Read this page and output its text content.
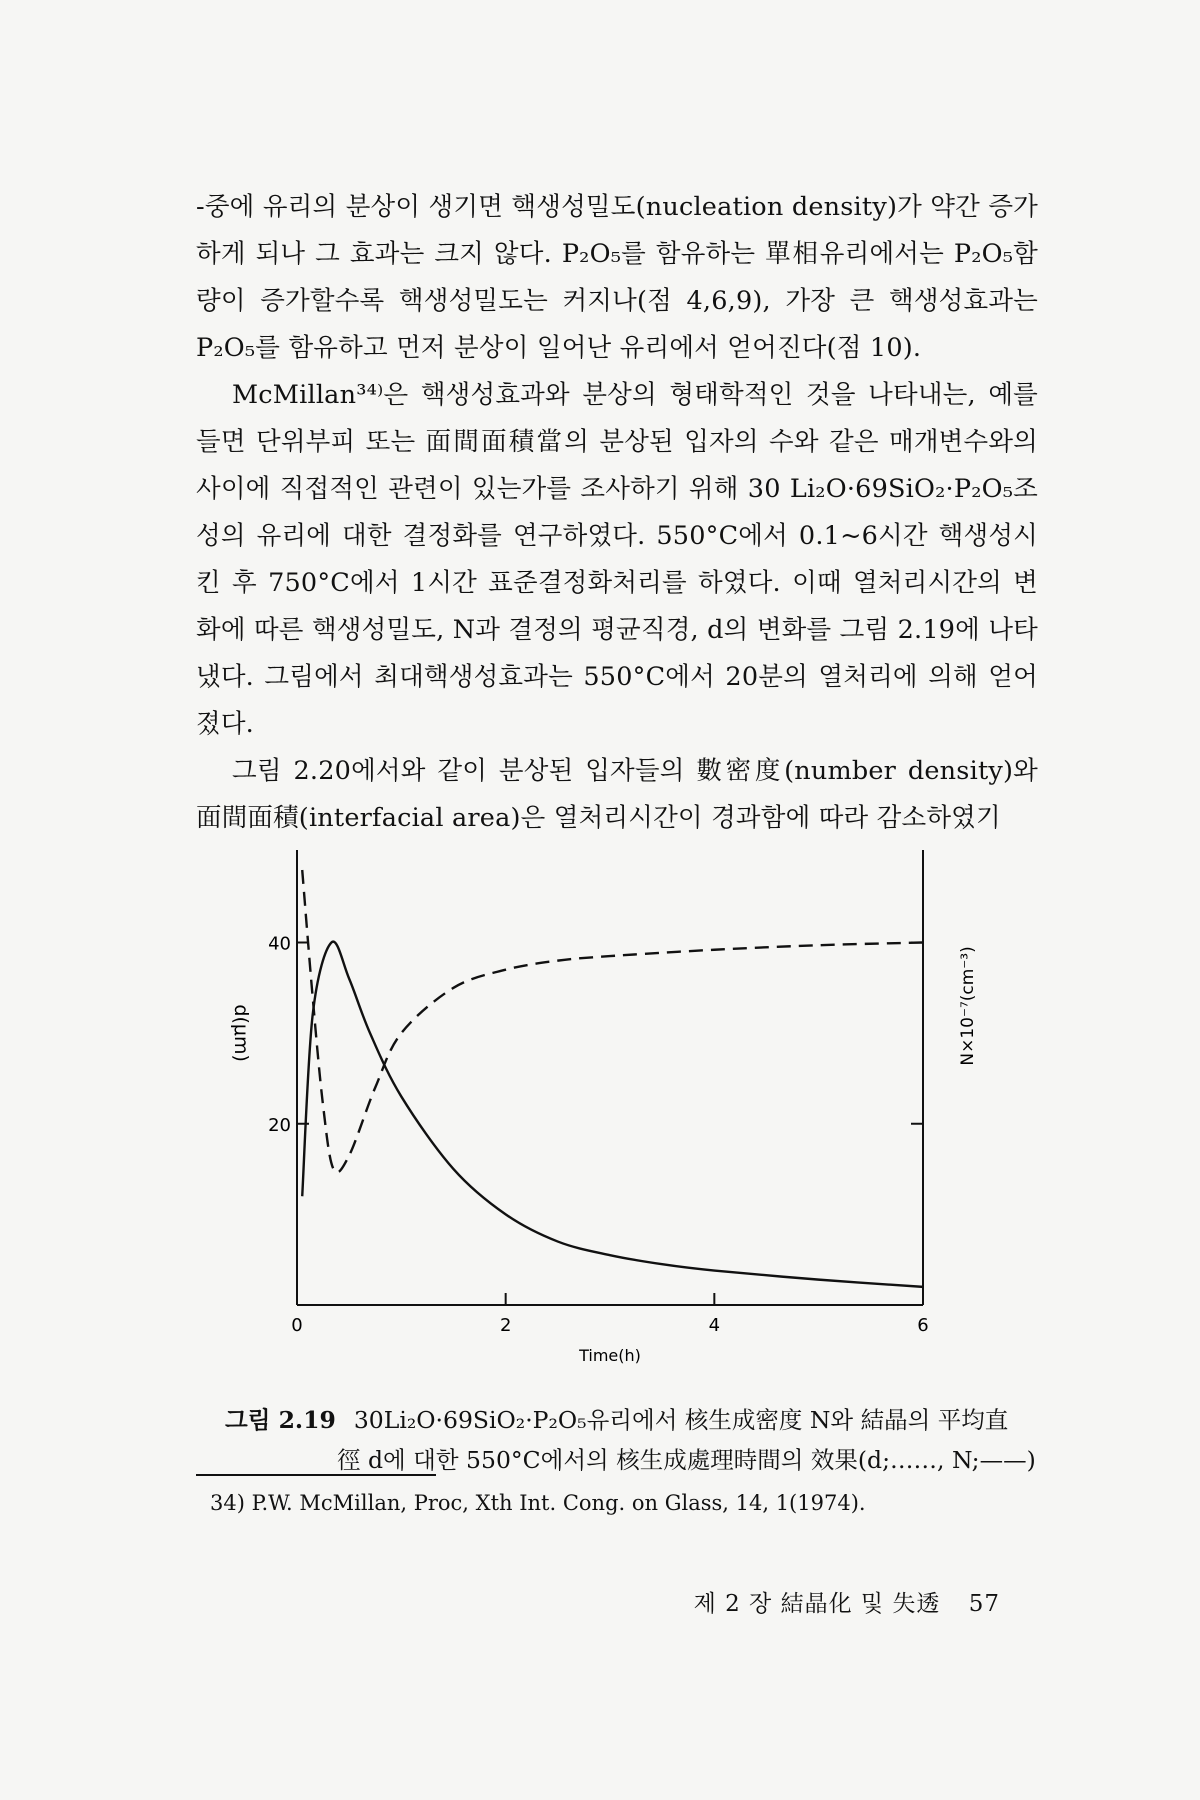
-중에 유리의 분상이 생기면 핵생성밀도(nucleation density)가 약간 증가하게 되나 그 효과는 크지 않다. P₂O₅를 함유하는 單相유리에서는 P₂O₅함량이 증가할수록 핵생성밀도는 커지나(점 4,6,9), 가장 큰 핵생성효과는 P₂O₅를 함유하고 먼저 분상이 일어난 유리에서 얻어진다(점 10).

McMillan³⁴⁾은 핵생성효과와 분상의 형태학적인 것을 나타내는, 예를 들면 단위부피 또는 面間面積當의 분상된 입자의 수와 같은 매개변수와의 사이에 직접적인 관련이 있는가를 조사하기 위해 30 Li₂O·69SiO₂·P₂O₅조성의 유리에 대한 결정화를 연구하였다. 550°C에서 0.1~6시간 핵생성시킨 후 750°C에서 1시간 표준결정화처리를 하였다. 이때 열처리시간의 변화에 따른 핵생성밀도, N과 결정의 평균직경, d의 변화를 그림 2.19에 나타냈다. 그림에서 최대핵생성효과는 550°C에서 20분의 열처리에 의해 얻어졌다.

그림 2.20에서와 같이 분상된 입자들의 數密度(number density)와 面間面積(interfacial area)은 열처리시간이 경과함에 따라 감소하였기

20
40
0	2	4	6
Time(h)
d(μm)	N×10⁻⁷(cm⁻³)
그림 2.19 30Li₂O·69SiO₂·P₂O₅유리에서 核生成密度 N와 結晶의 平均直
徑 d에 대한 550°C에서의 核生成處理時間의 效果(d;……, N;——)
34) P.W. McMillan, Proc, Xth Int. Cong. on Glass, 14, 1(1974).
제 2 장 結晶化 및 失透 57
